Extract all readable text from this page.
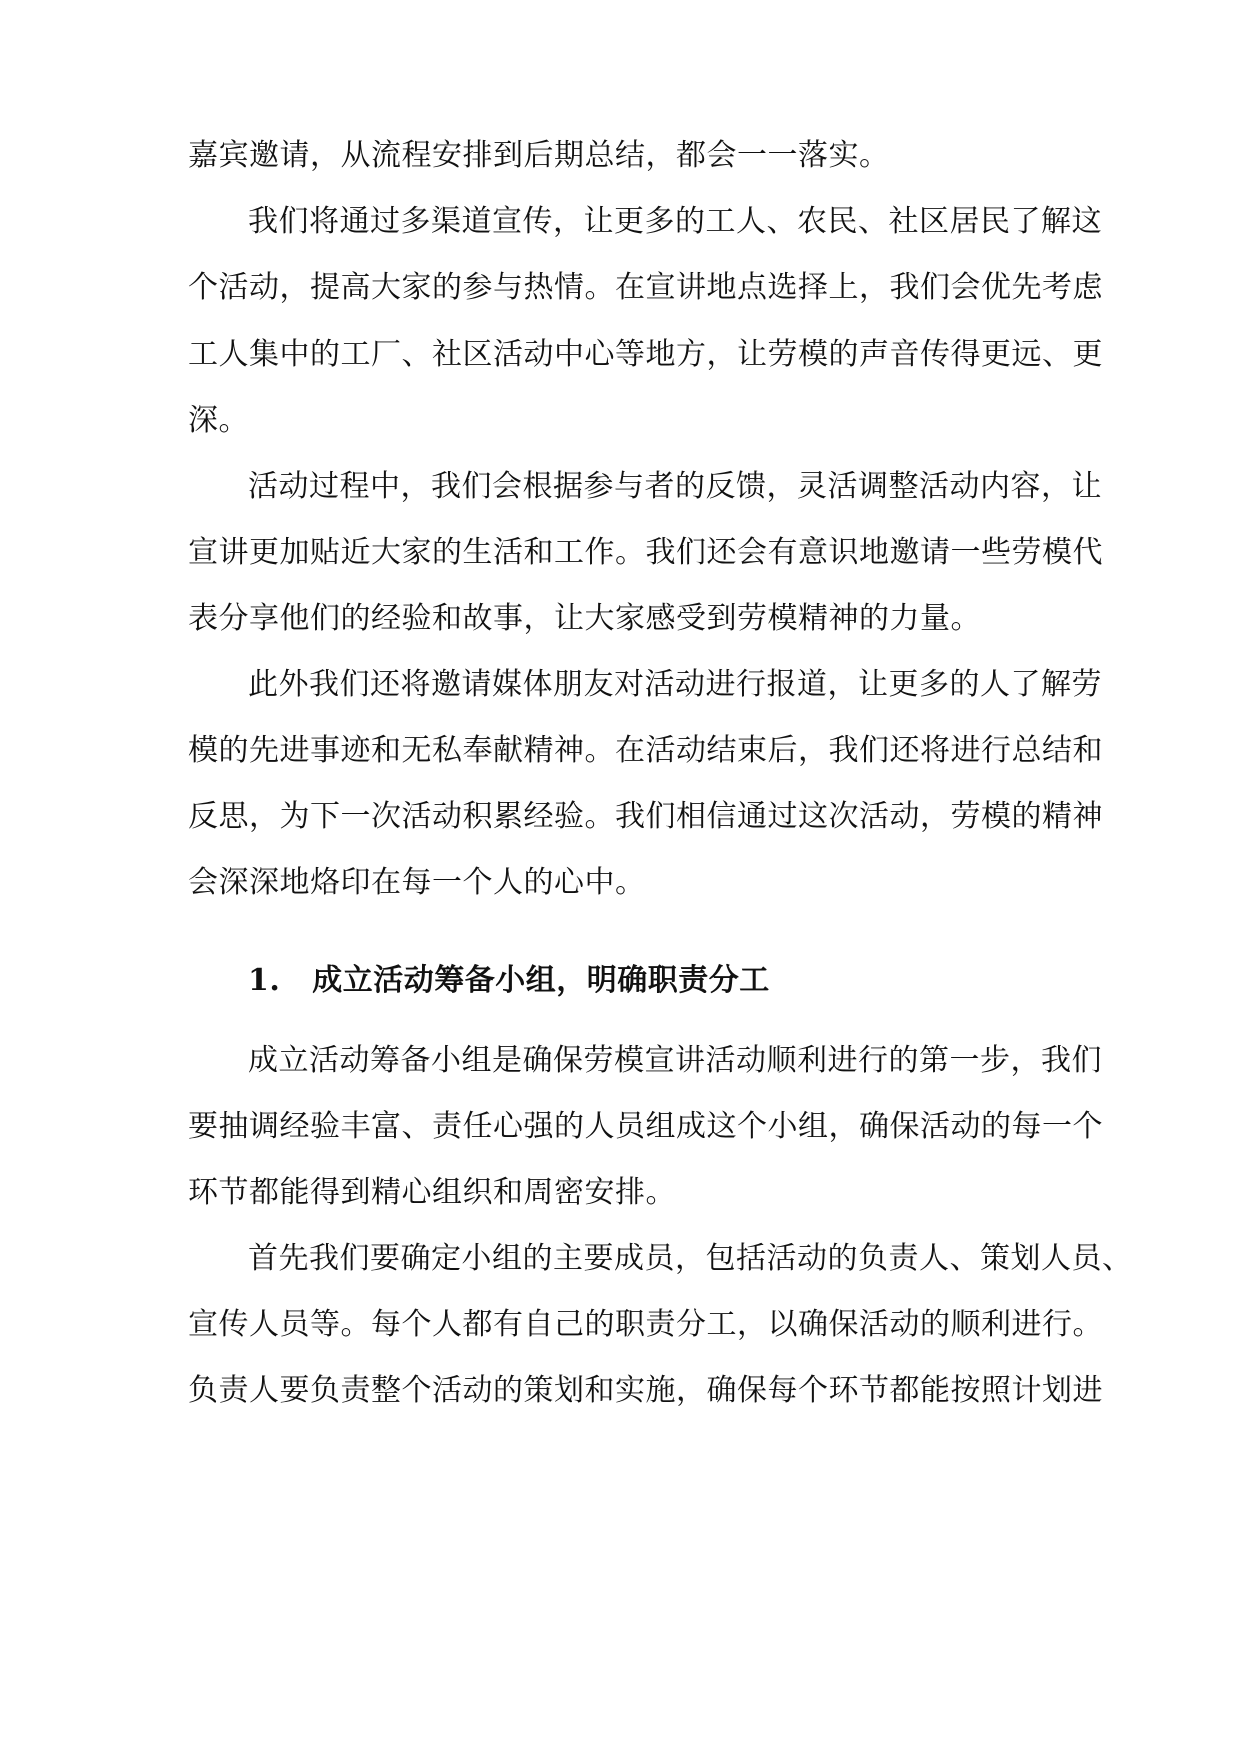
嘉宾邀请，从流程安排到后期总结，都会一一落实。
我们将通过多渠道宣传，让更多的工人、农民、社区居民了解这
个活动，提高大家的参与热情。在宣讲地点选择上，我们会优先考虑
工人集中的工厂、社区活动中心等地方，让劳模的声音传得更远、更
深。
活动过程中，我们会根据参与者的反馈，灵活调整活动内容，让
宣讲更加贴近大家的生活和工作。我们还会有意识地邀请一些劳模代
表分享他们的经验和故事，让大家感受到劳模精神的力量。
此外我们还将邀请媒体朋友对活动进行报道，让更多的人了解劳
模的先进事迹和无私奉献精神。在活动结束后，我们还将进行总结和
反思，为下一次活动积累经验。我们相信通过这次活动，劳模的精神
会深深地烙印在每一个人的心中。
1. 成立活动筹备小组，明确职责分工
成立活动筹备小组是确保劳模宣讲活动顺利进行的第一步，我们
要抽调经验丰富、责任心强的人员组成这个小组，确保活动的每一个
环节都能得到精心组织和周密安排。
首先我们要确定小组的主要成员，包括活动的负责人、策划人员、
宣传人员等。每个人都有自己的职责分工，以确保活动的顺利进行。
负责人要负责整个活动的策划和实施，确保每个环节都能按照计划进
